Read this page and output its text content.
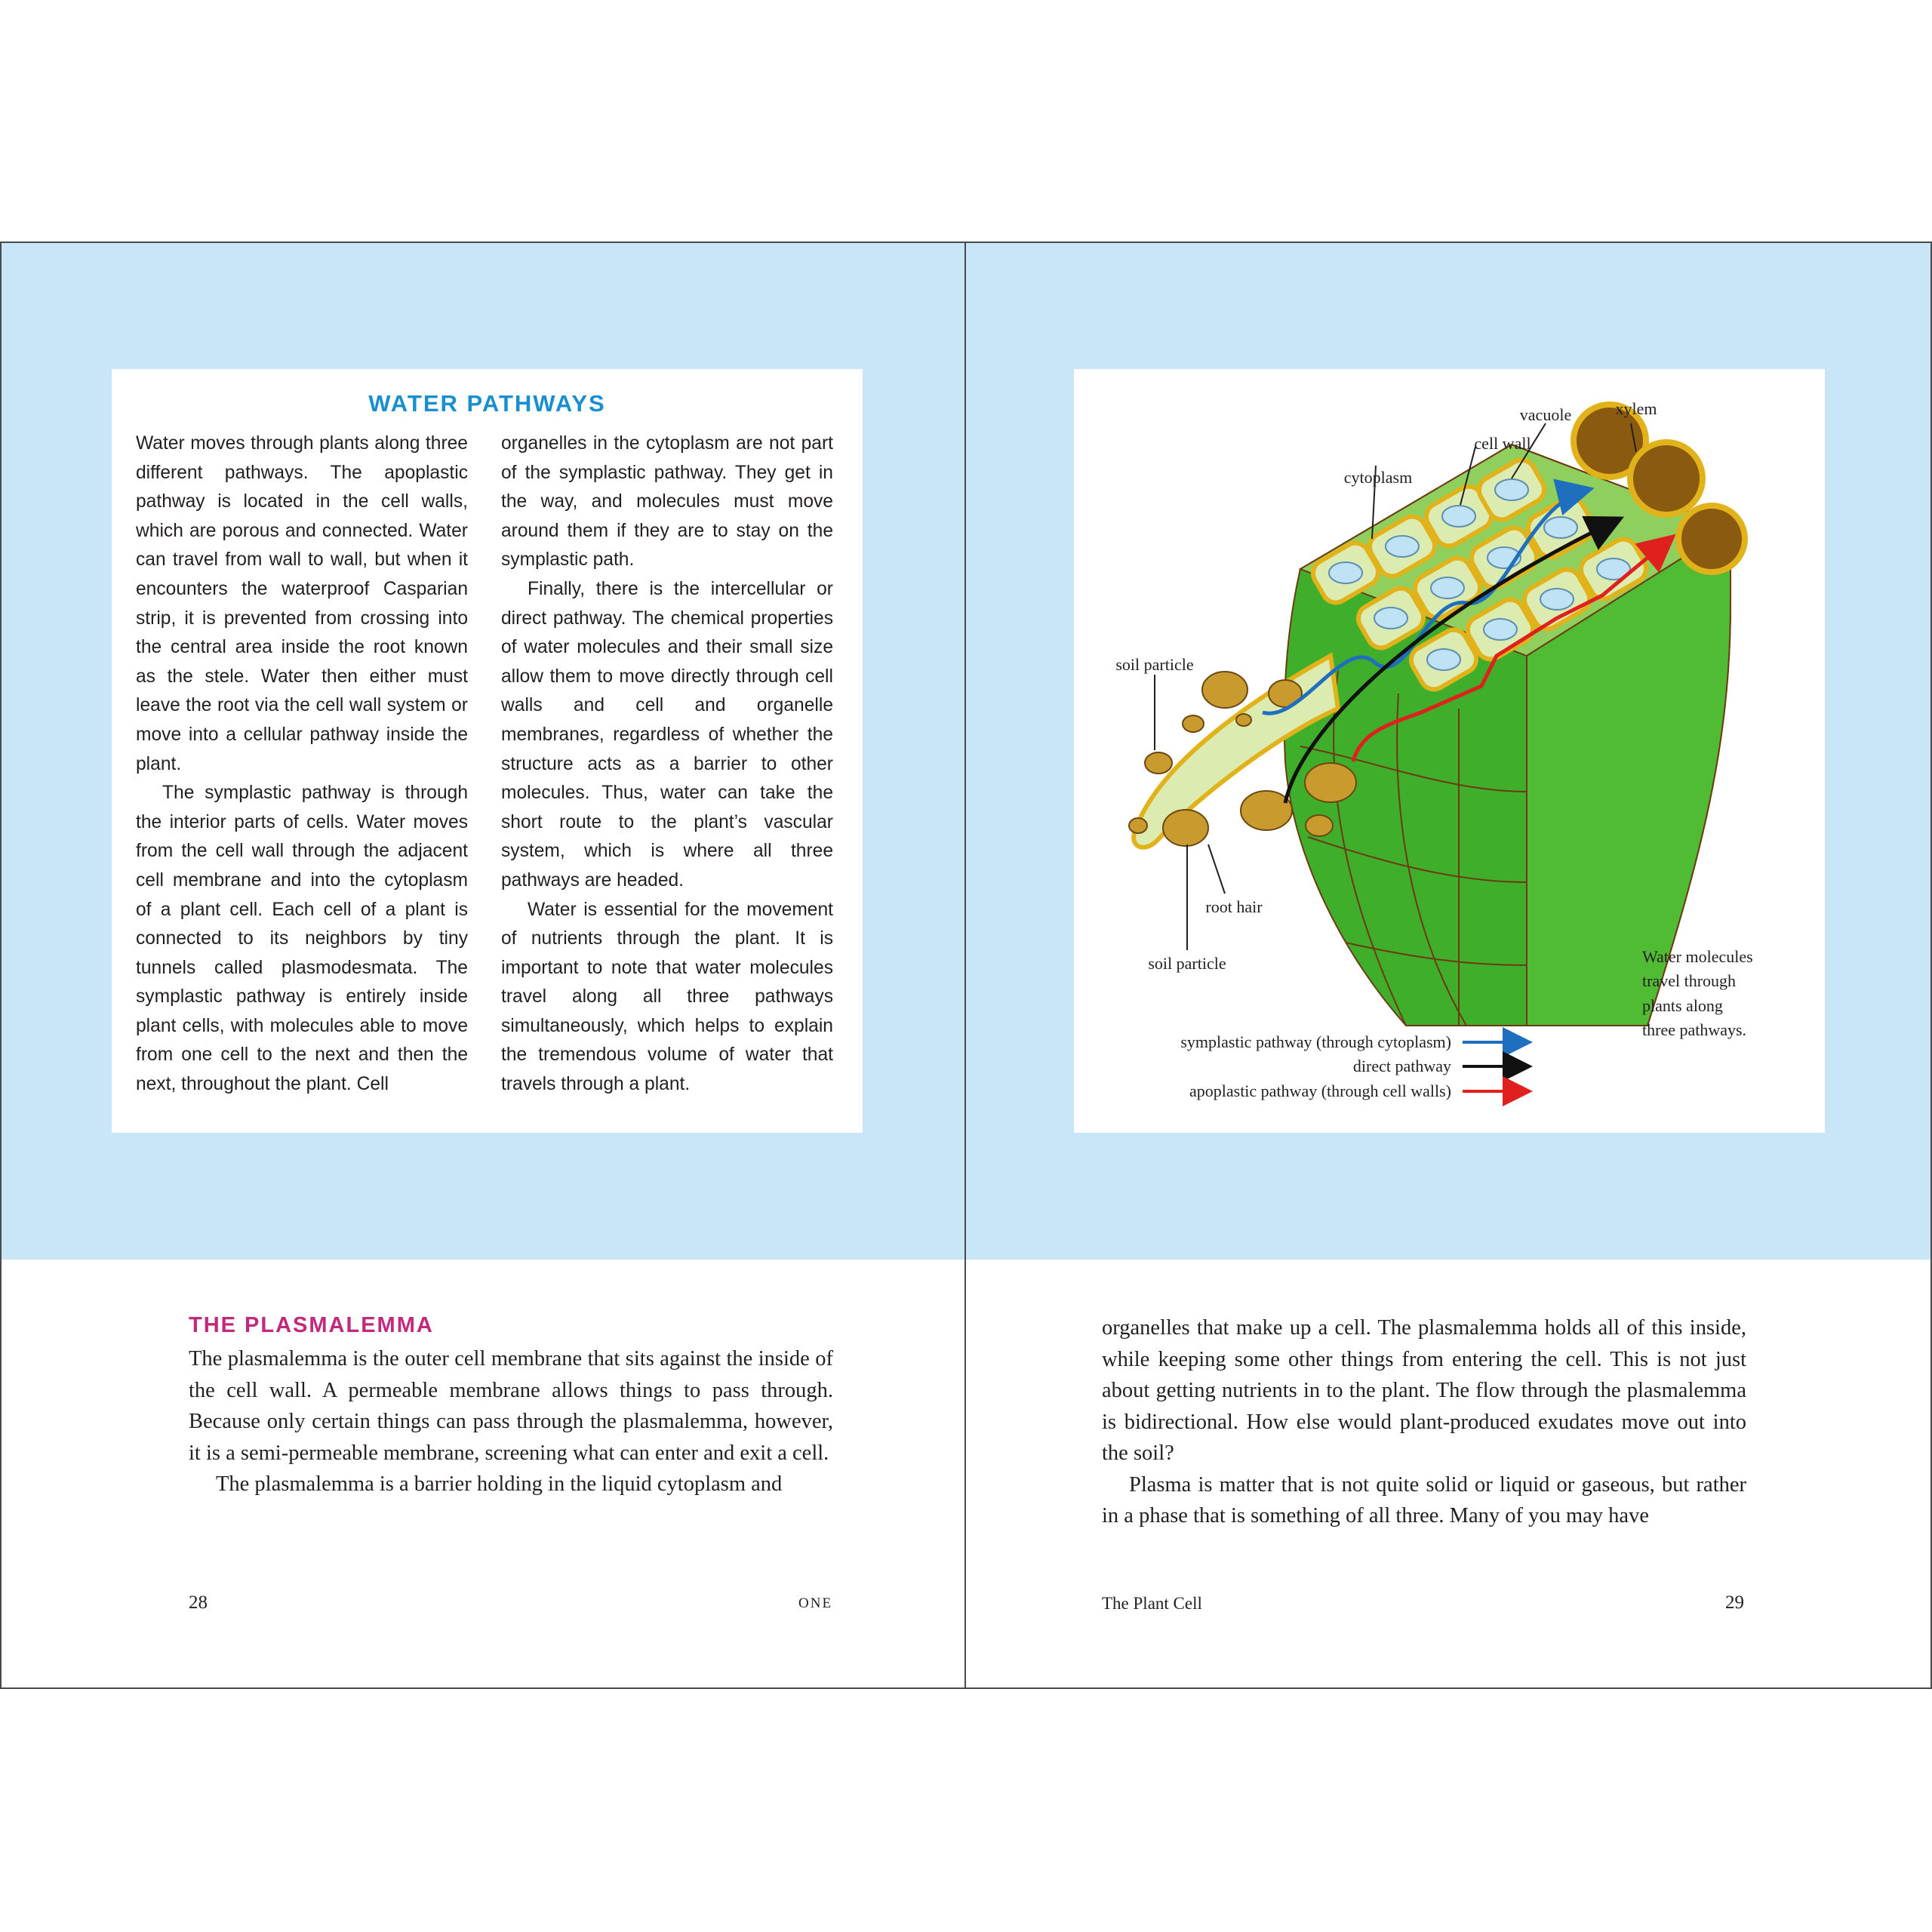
WATER PATHWAYS

Water moves through plants along three different pathways. The apoplastic pathway is located in the cell walls, which are porous and connected. Water can travel from wall to wall, but when it encounters the waterproof Casparian strip, it is prevented from crossing into the central area inside the root known as the stele. Water then either must leave the root via the cell wall system or move into a cellular pathway inside the plant.

The symplastic pathway is through the interior parts of cells. Water moves from the cell wall through the adjacent cell membrane and into the cytoplasm of a plant cell. Each cell of a plant is connected to its neighbors by tiny tunnels called plasmodesmata. The symplastic pathway is entirely inside plant cells, with molecules able to move from one cell to the next and then the next, throughout the plant. Cell

organelles in the cytoplasm are not part of the symplastic pathway. They get in the way, and molecules must move around them if they are to stay on the symplastic path.

Finally, there is the intercellular or direct pathway. The chemical properties of water molecules and their small size allow them to move directly through cell walls and cell and organelle membranes, regardless of whether the structure acts as a barrier to other molecules. Thus, water can take the short route to the plant’s vascular system, which is where all three pathways are headed.

Water is essential for the movement of nutrients through the plant. It is important to note that water molecules travel along all three pathways simultaneously, which helps to explain the tremendous volume of water that travels through a plant.

THE PLASMALEMMA

The plasmalemma is the outer cell membrane that sits against the inside of the cell wall. A permeable membrane allows things to pass through. Because only certain things can pass through the plasmalemma, however, it is a semi-permeable membrane, screening what can enter and exit a cell.

The plasmalemma is a barrier holding in the liquid cytoplasm and

28	ONE
vacuole	xylem
cell wall
cytoplasm
soil particle
root hair
soil particle	Water molecules
travel through
plants along
three pathways.
symplastic pathway (through cytoplasm)
direct pathway
apoplastic pathway (through cell walls)

organelles that make up a cell. The plasmalemma holds all of this inside, while keeping some other things from entering the cell. This is not just about getting nutrients in to the plant. The flow through the plasmalemma is bidirectional. How else would plant-produced exudates move out into the soil?

Plasma is matter that is not quite solid or liquid or gaseous, but rather in a phase that is something of all three. Many of you may have

The Plant Cell	29
